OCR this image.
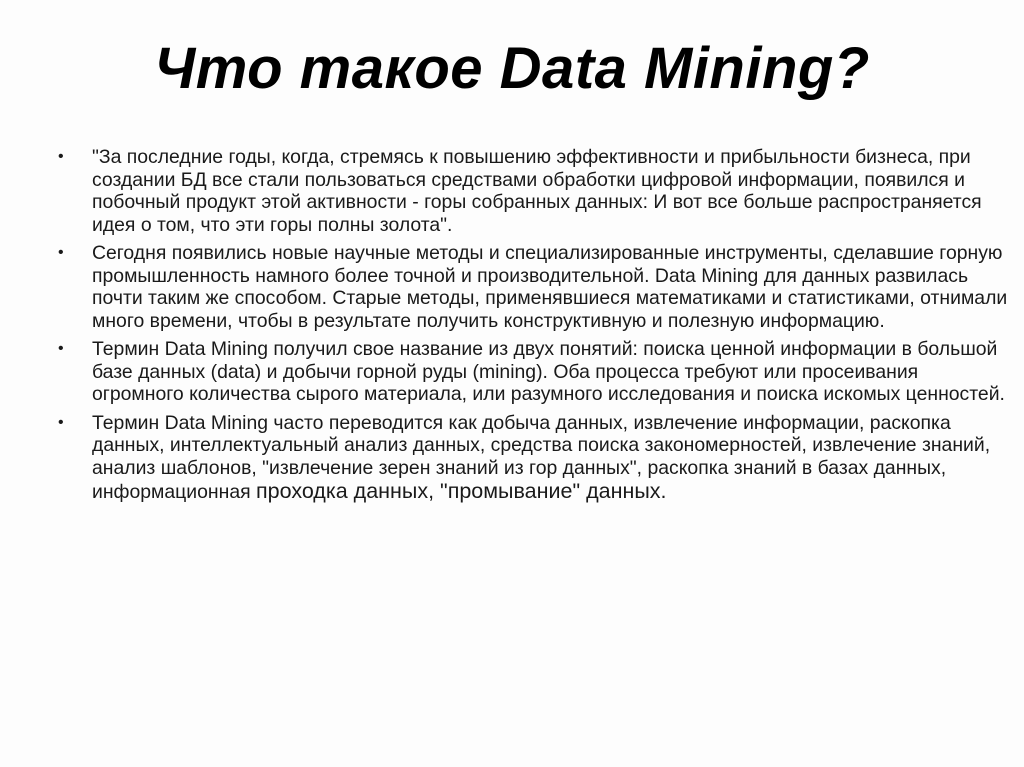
Что такое Data Mining?
• "За последние годы, когда, стремясь к повышению эффективности и прибыльности бизнеса, при создании БД все стали пользоваться средствами обработки цифровой информации, появился и побочный продукт этой активности - горы собранных данных: И вот все больше распространяется идея о том, что эти горы полны золота".
• Сегодня появились новые научные методы и специализированные инструменты, сделавшие горную промышленность намного более точной и производительной. Data Mining для данных развилась почти таким же способом. Старые методы, применявшиеся математиками и статистиками, отнимали много времени, чтобы в результате получить конструктивную и полезную информацию.
• Термин Data Mining получил свое название из двух понятий: поиска ценной информации в большой базе данных (data) и добычи горной руды (mining). Оба процесса требуют или просеивания огромного количества сырого материала, или разумного исследования и поиска искомых ценностей.
• Термин Data Mining часто переводится как добыча данных, извлечение информации, раскопка данных, интеллектуальный анализ данных, средства поиска закономерностей, извлечение знаний, анализ шаблонов, "извлечение зерен знаний из гор данных", раскопка знаний в базах данных, информационная проходка данных, "промывание" данных.
